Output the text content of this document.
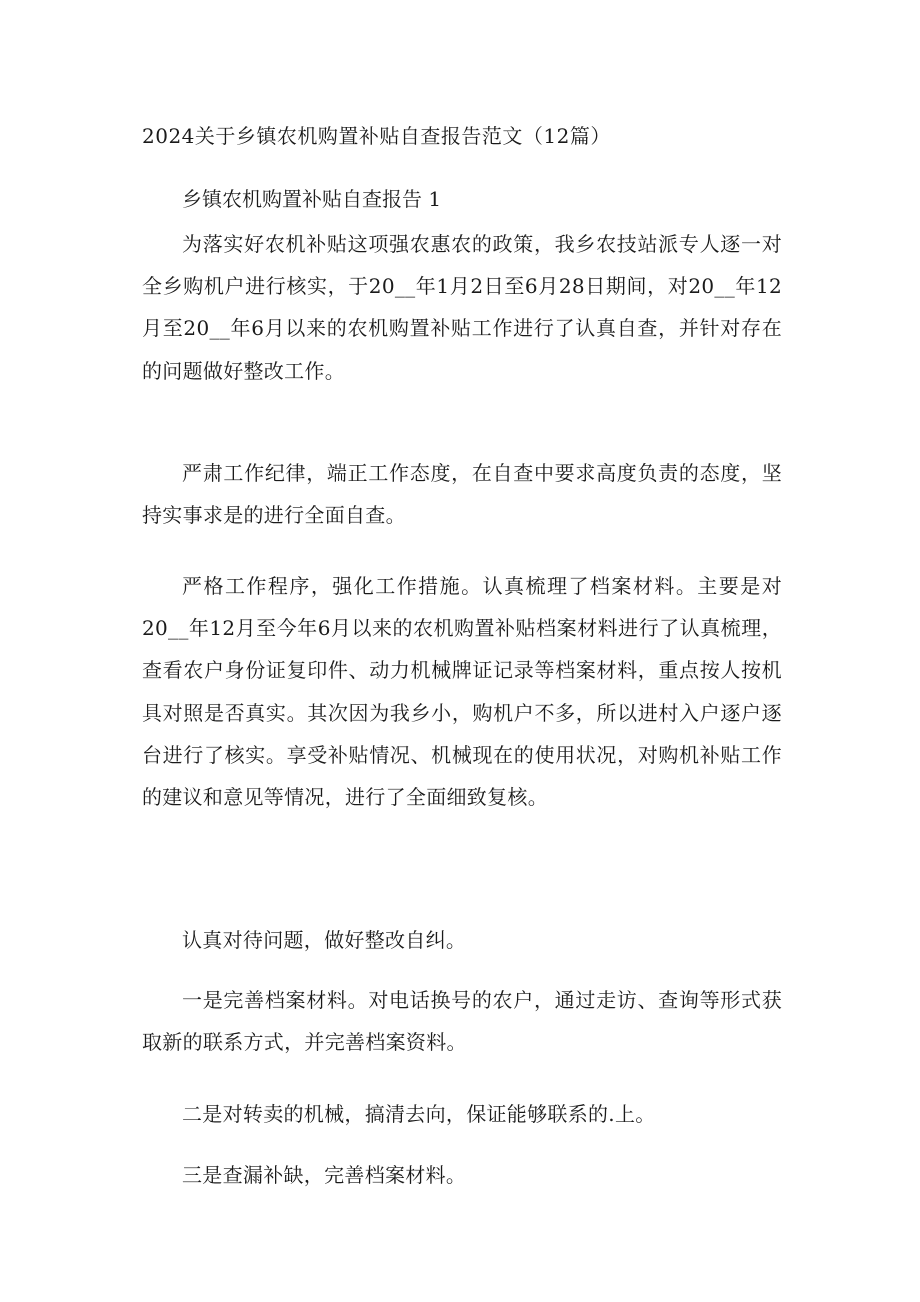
2024关于乡镇农机购置补贴自查报告范文（12篇）
乡镇农机购置补贴自查报告 1

为落实好农机补贴这项强农惠农的政策，我乡农技站派专人逐一对全乡购机户进行核实，于20__年1月2日至6月28日期间，对20__年12月至20__年6月以来的农机购置补贴工作进行了认真自查，并针对存在的问题做好整改工作。

严肃工作纪律，端正工作态度，在自查中要求高度负责的态度，坚持实事求是的进行全面自查。

严格工作程序，强化工作措施。认真梳理了档案材料。主要是对20__年12月至今年6月以来的农机购置补贴档案材料进行了认真梳理，查看农户身份证复印件、动力机械牌证记录等档案材料，重点按人按机具对照是否真实。其次因为我乡小，购机户不多，所以进村入户逐户逐台进行了核实。享受补贴情况、机械现在的使用状况，对购机补贴工作的建议和意见等情况，进行了全面细致复核。

认真对待问题，做好整改自纠。

一是完善档案材料。对电话换号的农户，通过走访、查询等形式获取新的联系方式，并完善档案资料。

二是对转卖的机械，搞清去向，保证能够联系的.上。

三是查漏补缺，完善档案材料。
